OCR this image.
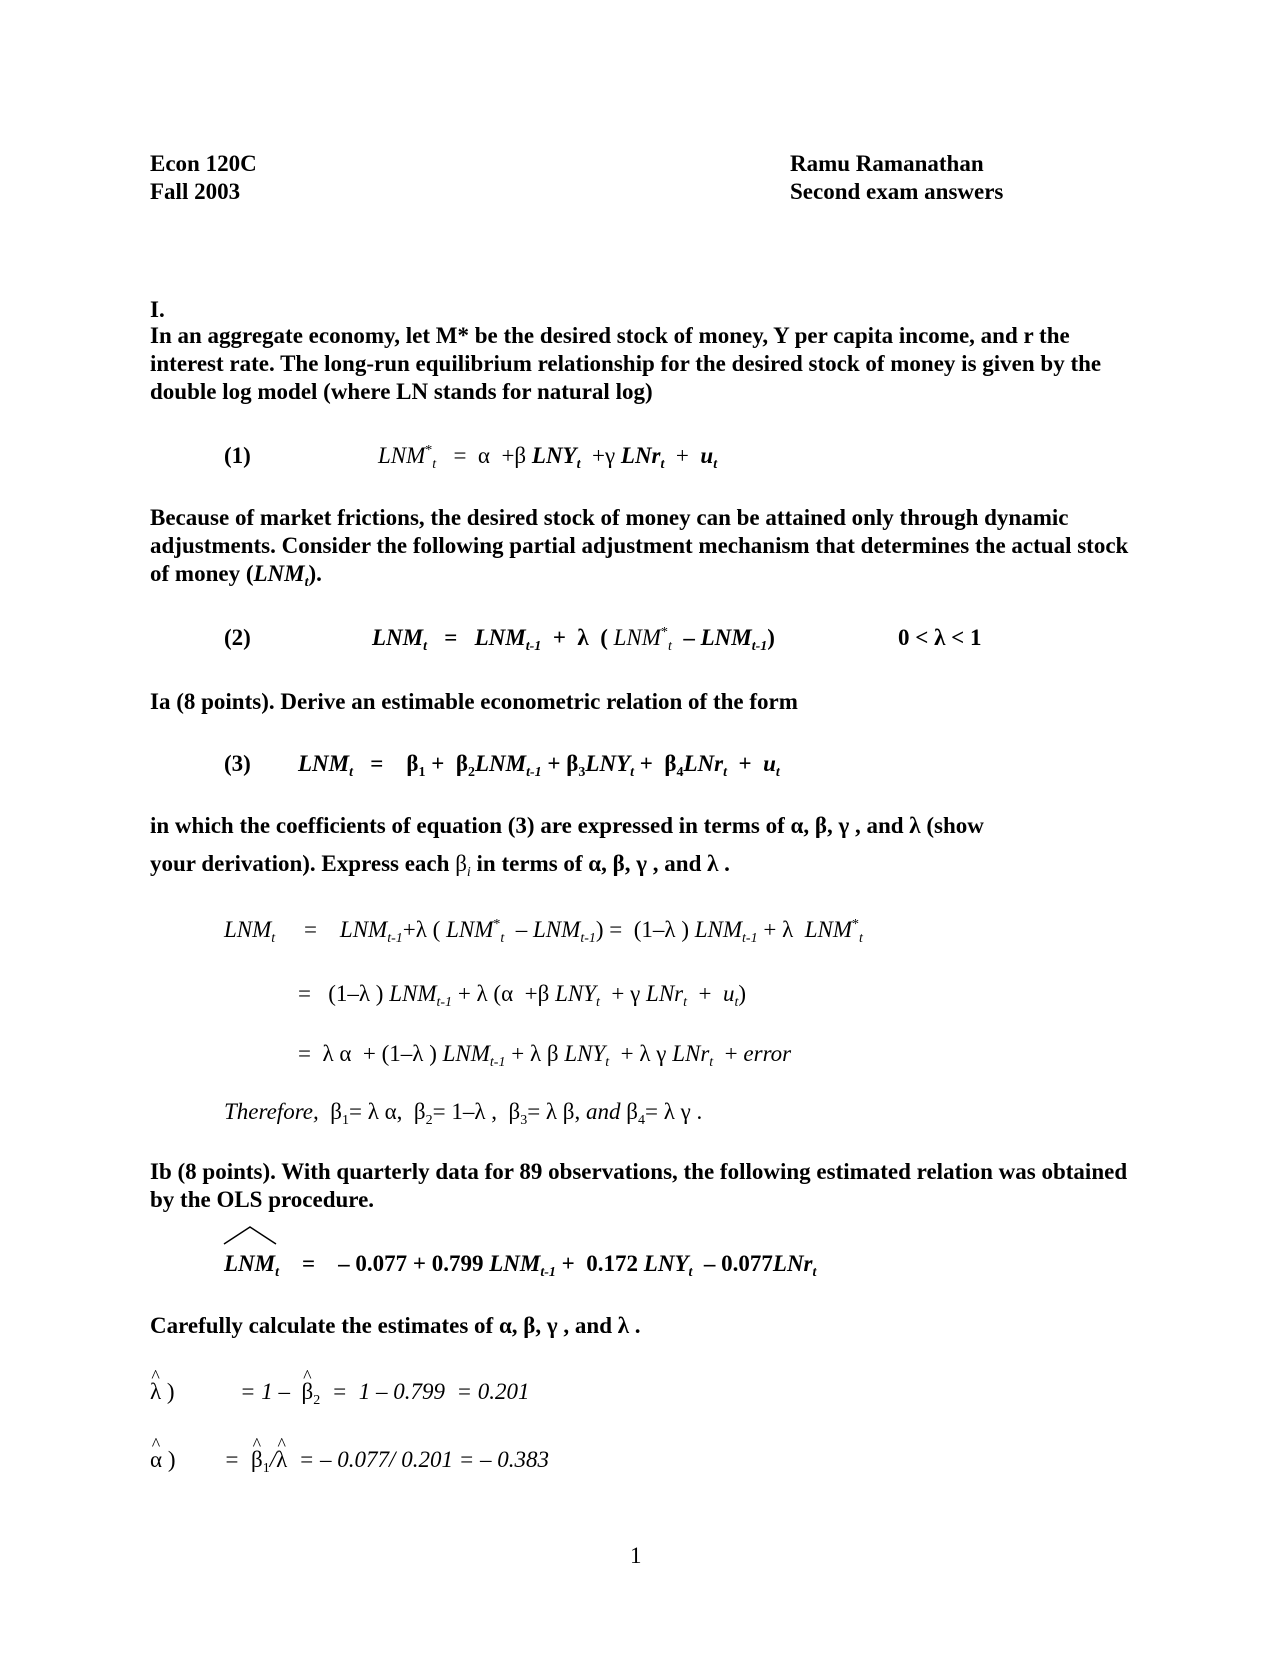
Econ 120C
Fall 2003
Ramu Ramanathan
Second exam answers
I.
In an aggregate economy, let M* be the desired stock of money, Y per capita income, and r the interest rate. The long-run equilibrium relationship for the desired stock of money is given by the double log model (where LN stands for natural log)
(1)	$LNM^*_t = \alpha +\beta$ $LNY_t +\gamma$ $LNr_t + u_t$
Because of market frictions, the desired stock of money can be attained only through dynamic adjustments. Consider the following partial adjustment mechanism that determines the actual stock of money $(LNM_t)$.
(2)	$LNM_t = LNM_{t-1} + \lambda$  ( $LNM^*_t - LNM_{t-1}$)	0 < λ < 1
Ia (8 points). Derive an estimable econometric relation of the form
(3) $LNM_t$   =    $\beta_1 + \beta_2LNM_{t-1} + \beta_3LNY_t + \beta_4LNr_t + u_t$
in which the coefficients of equation (3) are expressed in terms of α, β, γ , and λ (show
your derivation). Express each $\beta_i$ in terms of α, β, γ , and λ .
$LNM_t$     =    $LNM_{t-1}+\lambda$ ( $LNM^*_t - LNM_{t-1}) = (1-\lambda$ ) $LNM_{t-1} + \lambda$  $LNM^*_t$
=   (1–λ ) $LNM_{t-1} + \lambda$ (α  +β $LNY_t + \gamma$ $LNr_t + u_t$)
=  λ α  + (1–λ ) $LNM_{t-1} + \lambda$ β $LNY_t + \lambda$ γ LNr$_t$  + error
Therefore,  $\beta_1= \lambda$ α,  $\beta_2= 1-\lambda$ ,  $\beta_3= \lambda$ β, and $\beta_4= \lambda$ γ .
Ib (8 points). With quarterly data for 89 observations, the following estimated relation was obtained by the OLS procedure.
$LNM_t$    =    – 0.077 + 0.799 $LNM_{t-1} + 0.172$ $LNY_t - 0.077LNr_t$
Carefully calculate the estimates of α, β, γ , and λ .
^ λ )	= 1 –  ^ $\beta_2 = 1 - 0.799 = 0.201$
^ α ) =  ^ $\beta_1/\^{}$ λ  = – 0.077/ 0.201 = – 0.383
1
